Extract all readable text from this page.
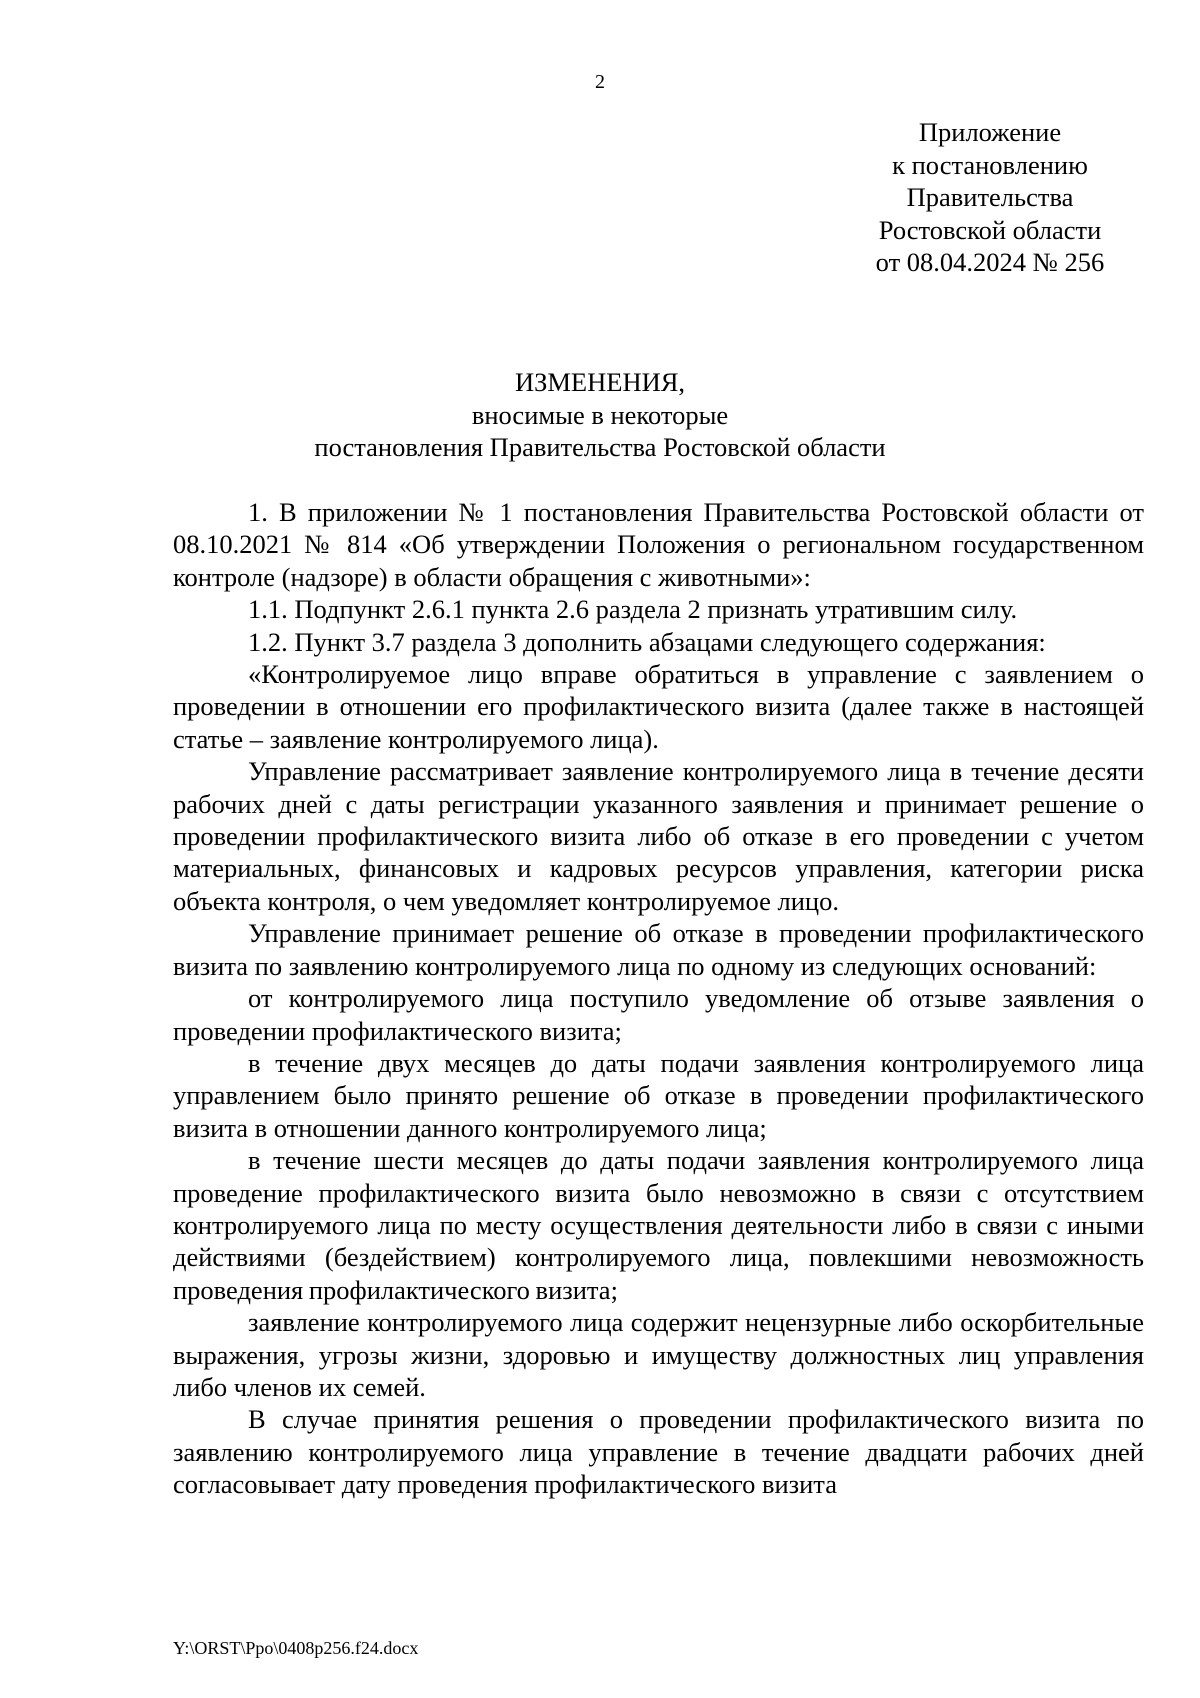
2
Приложение
к постановлению
Правительства
Ростовской области
от 08.04.2024 № 256
ИЗМЕНЕНИЯ,
вносимые в некоторые
постановления Правительства Ростовской области

1. В приложении № 1 постановления Правительства Ростовской области от 08.10.2021 № 814 «Об утверждении Положения о региональном государственном контроле (надзоре) в области обращения с животными»:

1.1. Подпункт 2.6.1 пункта 2.6 раздела 2 признать утратившим силу.

1.2. Пункт 3.7 раздела 3 дополнить абзацами следующего содержания:

«Контролируемое лицо вправе обратиться в управление с заявлением о проведении в отношении его профилактического визита (далее также в настоящей статье – заявление контролируемого лица).

Управление рассматривает заявление контролируемого лица в течение десяти рабочих дней с даты регистрации указанного заявления и принимает решение о проведении профилактического визита либо об отказе в его проведении с учетом материальных, финансовых и кадровых ресурсов управления, категории риска объекта контроля, о чем уведомляет контролируемое лицо.

Управление принимает решение об отказе в проведении профилактического визита по заявлению контролируемого лица по одному из следующих оснований:

от контролируемого лица поступило уведомление об отзыве заявления о проведении профилактического визита;

в течение двух месяцев до даты подачи заявления контролируемого лица управлением было принято решение об отказе в проведении профилактического визита в отношении данного контролируемого лица;

в течение шести месяцев до даты подачи заявления контролируемого лица проведение профилактического визита было невозможно в связи с отсутствием контролируемого лица по месту осуществления деятельности либо в связи с иными действиями (бездействием) контролируемого лица, повлекшими невозможность проведения профилактического визита;

заявление контролируемого лица содержит нецензурные либо оскорбительные выражения, угрозы жизни, здоровью и имуществу должностных лиц управления либо членов их семей.

В случае принятия решения о проведении профилактического визита по заявлению контролируемого лица управление в течение двадцати рабочих дней согласовывает дату проведения профилактического визита

Y:\ORST\Ppo\0408p256.f24.docx
